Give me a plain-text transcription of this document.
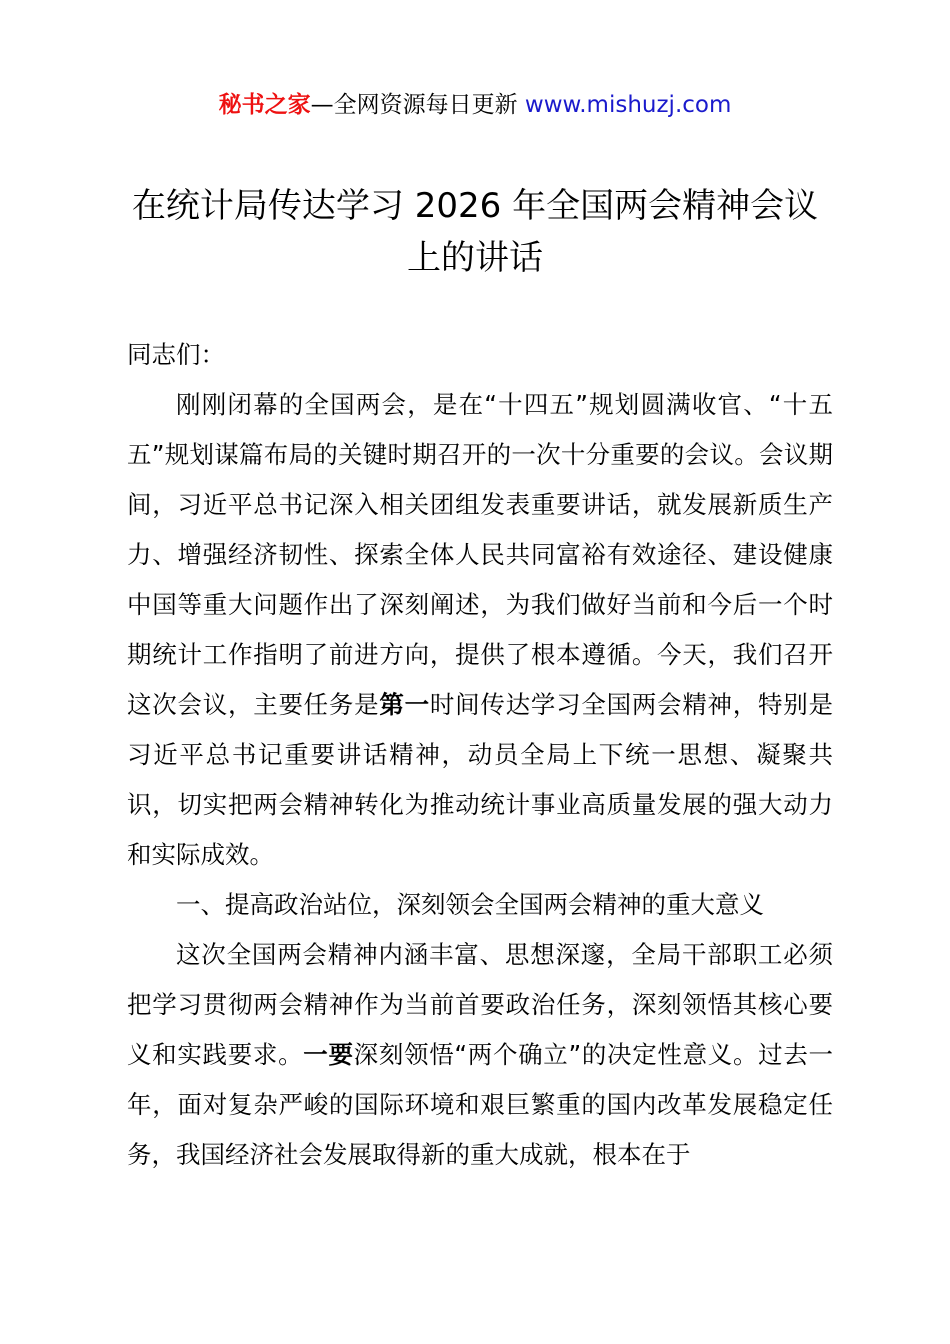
秘书之家—全网资源每日更新 www.mishuzj.com
在统计局传达学习 2026 年全国两会精神会议上的讲话

同志们：

刚刚闭幕的全国两会，是在“十四五”规划圆满收官、“十五五”规划谋篇布局的关键时期召开的一次十分重要的会议。会议期间，习近平总书记深入相关团组发表重要讲话，就发展新质生产力、增强经济韧性、探索全体人民共同富裕有效途径、建设健康中国等重大问题作出了深刻阐述，为我们做好当前和今后一个时期统计工作指明了前进方向，提供了根本遵循。今天，我们召开这次会议，主要任务是第一时间传达学习全国两会精神，特别是习近平总书记重要讲话精神，动员全局上下统一思想、凝聚共识，切实把两会精神转化为推动统计事业高质量发展的强大动力和实际成效。

一、提高政治站位，深刻领会全国两会精神的重大意义

这次全国两会精神内涵丰富、思想深邃，全局干部职工必须把学习贯彻两会精神作为当前首要政治任务，深刻领悟其核心要义和实践要求。一要深刻领悟“两个确立”的决定性意义。过去一年，面对复杂严峻的国际环境和艰巨繁重的国内改革发展稳定任务，我国经济社会发展取得新的重大成就，根本在于
